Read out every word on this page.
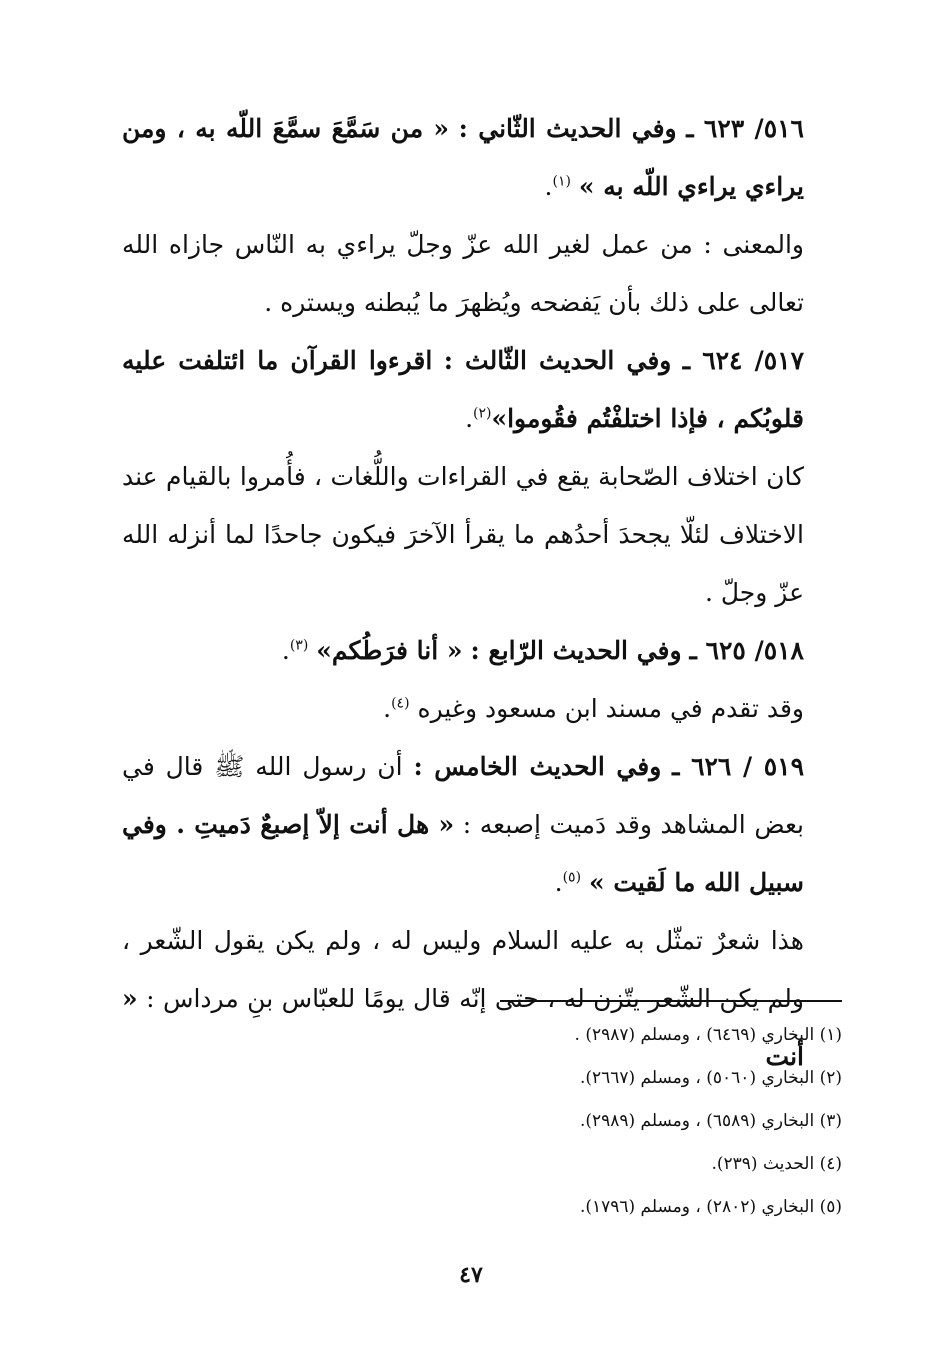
٥١٦/ ٦٢٣ ـ وفي الحديث الثّاني : « من سَمَّعَ سمَّعَ اللّه به ، ومن يراءي يراءي اللّه به » $^{(١)}$.

والمعنى : من عمل لغير الله عزّ وجلّ يراءي به النّاس جازاه الله تعالى على ذلك بأن يَفضحه ويُظهرَ ما يُبطنه ويستره .

٥١٧/ ٦٢٤ ـ وفي الحديث الثّالث : اقرءوا القرآن ما ائتلفت عليه قلوبُكم ، فإذا اختلفْتُم فقُوموا»$^{(٢)}$.

كان اختلاف الصّحابة يقع في القراءات واللُّغات ، فأُمروا بالقيام عند الاختلاف لئلّا يجحدَ أحدُهم ما يقرأ الآخرَ فيكون جاحدًا لما أنزله الله عزّ وجلّ .

٥١٨/ ٦٢٥ ـ وفي الحديث الرّابع : « أنا فرَطُكم» $^{(٣)}$.

وقد تقدم في مسند ابن مسعود وغيره $^{(٤)}$.

٥١٩ / ٦٢٦ ـ وفي الحديث الخامس : أن رسول الله ﷺ قال في بعض المشاهد وقد دَميت إصبعه : « هل أنت إلاّ إصبعٌ دَميتِ . وفي سبيل الله ما لَقيت » $^{(٥)}$.

هذا شعرٌ تمثّل به عليه السلام وليس له ، ولم يكن يقول الشّعر ، ولم يكن الشّعر يتّزن له ، حتى إنّه قال يومًا للعبّاس بنِ مرداس : « أنت

(١) البخاري (٦٤٦٩) ، ومسلم (٢٩٨٧) .

(٢) البخاري (٥٠٦٠) ، ومسلم (٢٦٦٧).

(٣) البخاري (٦٥٨٩) ، ومسلم (٢٩٨٩).

(٤) الحديث (٢٣٩).

(٥) البخاري (٢٨٠٢) ، ومسلم (١٧٩٦).

٤٧
